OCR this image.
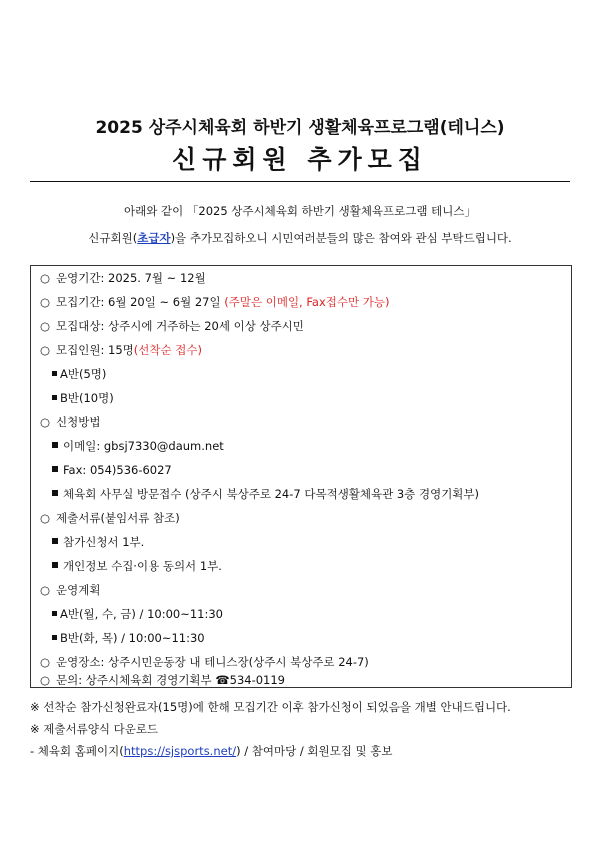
2025 상주시체육회 하반기 생활체육프로그램(테니스)
신규회원 추가모집
아래와 같이 「2025 상주시체육회 하반기 생활체육프로그램 테니스」
신규회원(초급자)을 추가모집하오니 시민여러분들의 많은 참여와 관심 부탁드립니다.
○ 운영기간: 2025. 7월 ~ 12월
○ 모집기간: 6월 20일 ~ 6월 27일 (주말은 이메일, Fax접수만 가능)
○ 모집대상: 상주시에 거주하는 20세 이상 상주시민
○ 모집인원: 15명(선착순 접수)
A반(5명)
B반(10명)
○ 신청방법
이메일: gbsj7330@daum.net
Fax: 054)536-6027
체육회 사무실 방문접수 (상주시 북상주로 24-7 다목적생활체육관 3층 경영기획부)
○ 제출서류(붙임서류 참조)
참가신청서 1부.
개인정보 수집·이용 동의서 1부.
○ 운영계획
A반(월, 수, 금) / 10:00~11:30
B반(화, 목) / 10:00~11:30
○ 운영장소: 상주시민운동장 내 테니스장(상주시 북상주로 24-7)
○ 문의: 상주시체육회 경영기획부 ☎534-0119
※ 선착순 참가신청완료자(15명)에 한해 모집기간 이후 참가신청이 되었음을 개별 안내드립니다.
※ 제출서류양식 다운로드
- 체육회 홈페이지(https://sjsports.net/) / 참여마당 / 회원모집 및 홍보
